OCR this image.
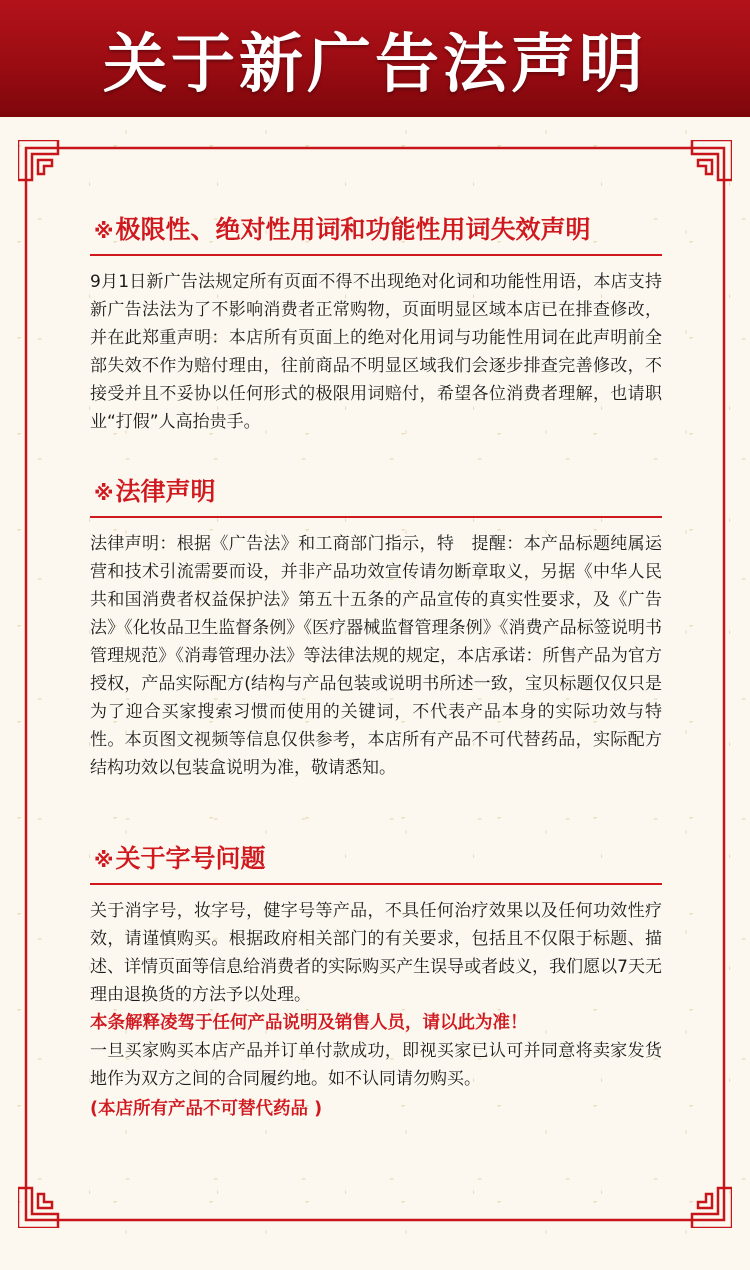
关于新广告法声明
※极限性、绝对性用词和功能性用词失效声明
9月1日新广告法规定所有页面不得不出现绝对化词和功能性用语，本店支持新广告法法为了不影响消费者正常购物，页面明显区域本店已在排查修改，并在此郑重声明：本店所有页面上的绝对化用词与功能性用词在此声明前全部失效不作为赔付理由，往前商品不明显区域我们会逐步排查完善修改，不接受并且不妥协以任何形式的极限用词赔付，希望各位消费者理解，也请职业“打假”人高抬贵手。
※法律声明
法律声明：根据《广告法》和工商部门指示，特　提醒：本产品标题纯属运营和技术引流需要而设，并非产品功效宣传请勿断章取义，另据《中华人民共和国消费者权益保护法》第五十五条的产品宣传的真实性要求，及《广告法》《化妆品卫生监督条例》《医疗器械监督管理条例》《消费产品标签说明书管理规范》《消毒管理办法》等法律法规的规定，本店承诺：所售产品为官方授权，产品实际配方(结构与产品包装或说明书所述一致，宝贝标题仅仅只是为了迎合买家搜索习惯而使用的关键词，不代表产品本身的实际功效与特性。本页图文视频等信息仅供参考，本店所有产品不可代替药品，实际配方结构功效以包装盒说明为准，敬请悉知。
※关于字号问题
关于消字号，妆字号，健字号等产品，不具任何治疗效果以及任何功效性疗效，请谨慎购买。根据政府相关部门的有关要求，包括且不仅限于标题、描述、详情页面等信息给消费者的实际购买产生误导或者歧义，我们愿以7天无理由退换货的方法予以处理。
本条解释凌驾于任何产品说明及销售人员，请以此为准！
一旦买家购买本店产品并订单付款成功，即视买家已认可并同意将卖家发货地作为双方之间的合同履约地。如不认同请勿购买。
(本店所有产品不可替代药品 )
